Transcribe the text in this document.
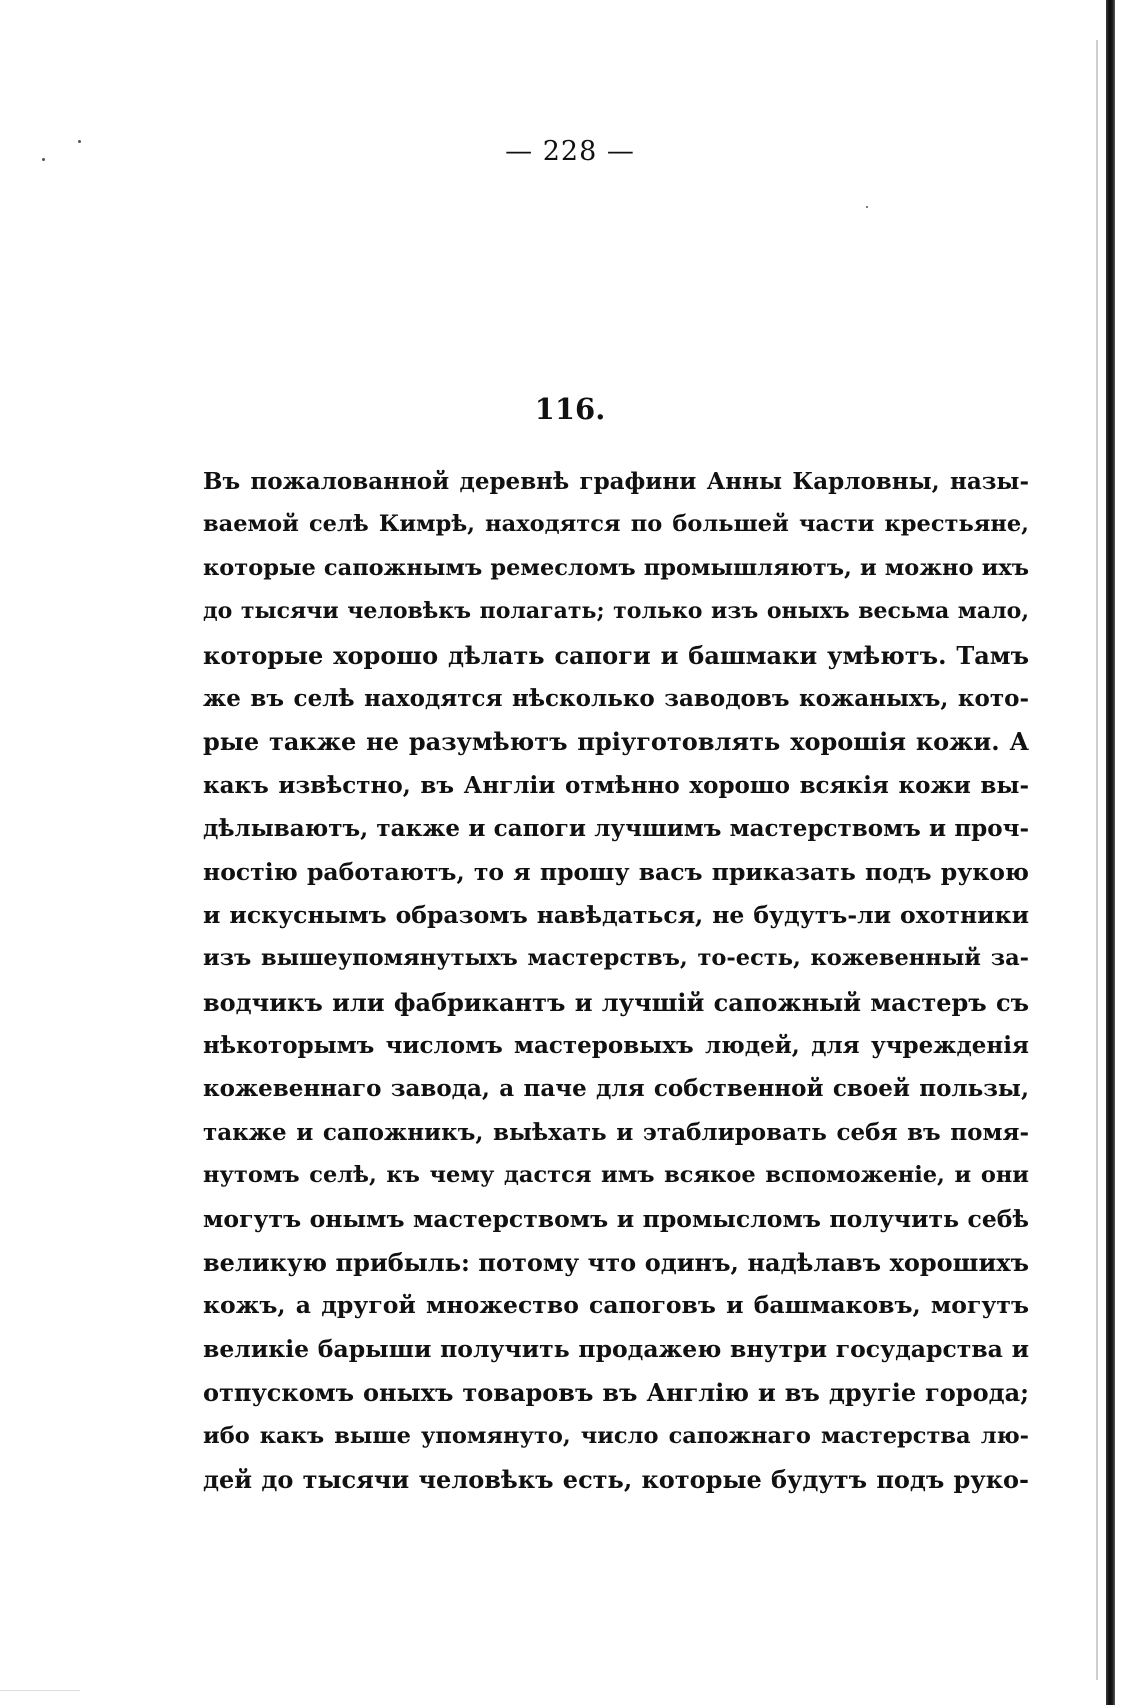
— 228 —
116.
Въ пожалованной деревнѣ графини Анны Карловны, назы-
ваемой селѣ Кимрѣ, находятся по большей части крестьяне,
которые сапожнымъ ремесломъ промышляютъ, и можно ихъ
до тысячи человѣкъ полагать; только изъ оныхъ весьма мало,
которые хорошо дѣлать сапоги и башмаки умѣютъ. Тамъ
же въ селѣ находятся нѣсколько заводовъ кожаныхъ, кото-
рые также не разумѣютъ пріуготовлять хорошія кожи. А
какъ извѣстно, въ Англіи отмѣнно хорошо всякія кожи вы-
дѣлываютъ, также и сапоги лучшимъ мастерствомъ и проч-
ностію работаютъ, то я прошу васъ приказать подъ рукою
и искуснымъ образомъ навѣдаться, не будутъ-ли охотники
изъ вышеупомянутыхъ мастерствъ, то-есть, кожевенный за-
водчикъ или фабрикантъ и лучшій сапожный мастеръ съ
нѣкоторымъ числомъ мастеровыхъ людей, для учрежденія
кожевеннаго завода, а паче для собственной своей пользы,
также и сапожникъ, выѣхать и этаблировать себя въ помя-
нутомъ селѣ, къ чему дастся имъ всякое вспоможеніе, и они
могутъ онымъ мастерствомъ и промысломъ получить себѣ
великую прибыль: потому что одинъ, надѣлавъ хорошихъ
кожъ, а другой множество сапоговъ и башмаковъ, могутъ
великіе барыши получить продажею внутри государства и
отпускомъ оныхъ товаровъ въ Англію и въ другіе города;
ибо какъ выше упомянуто, число сапожнаго мастерства лю-
дей до тысячи человѣкъ есть, которые будутъ подъ руко-
